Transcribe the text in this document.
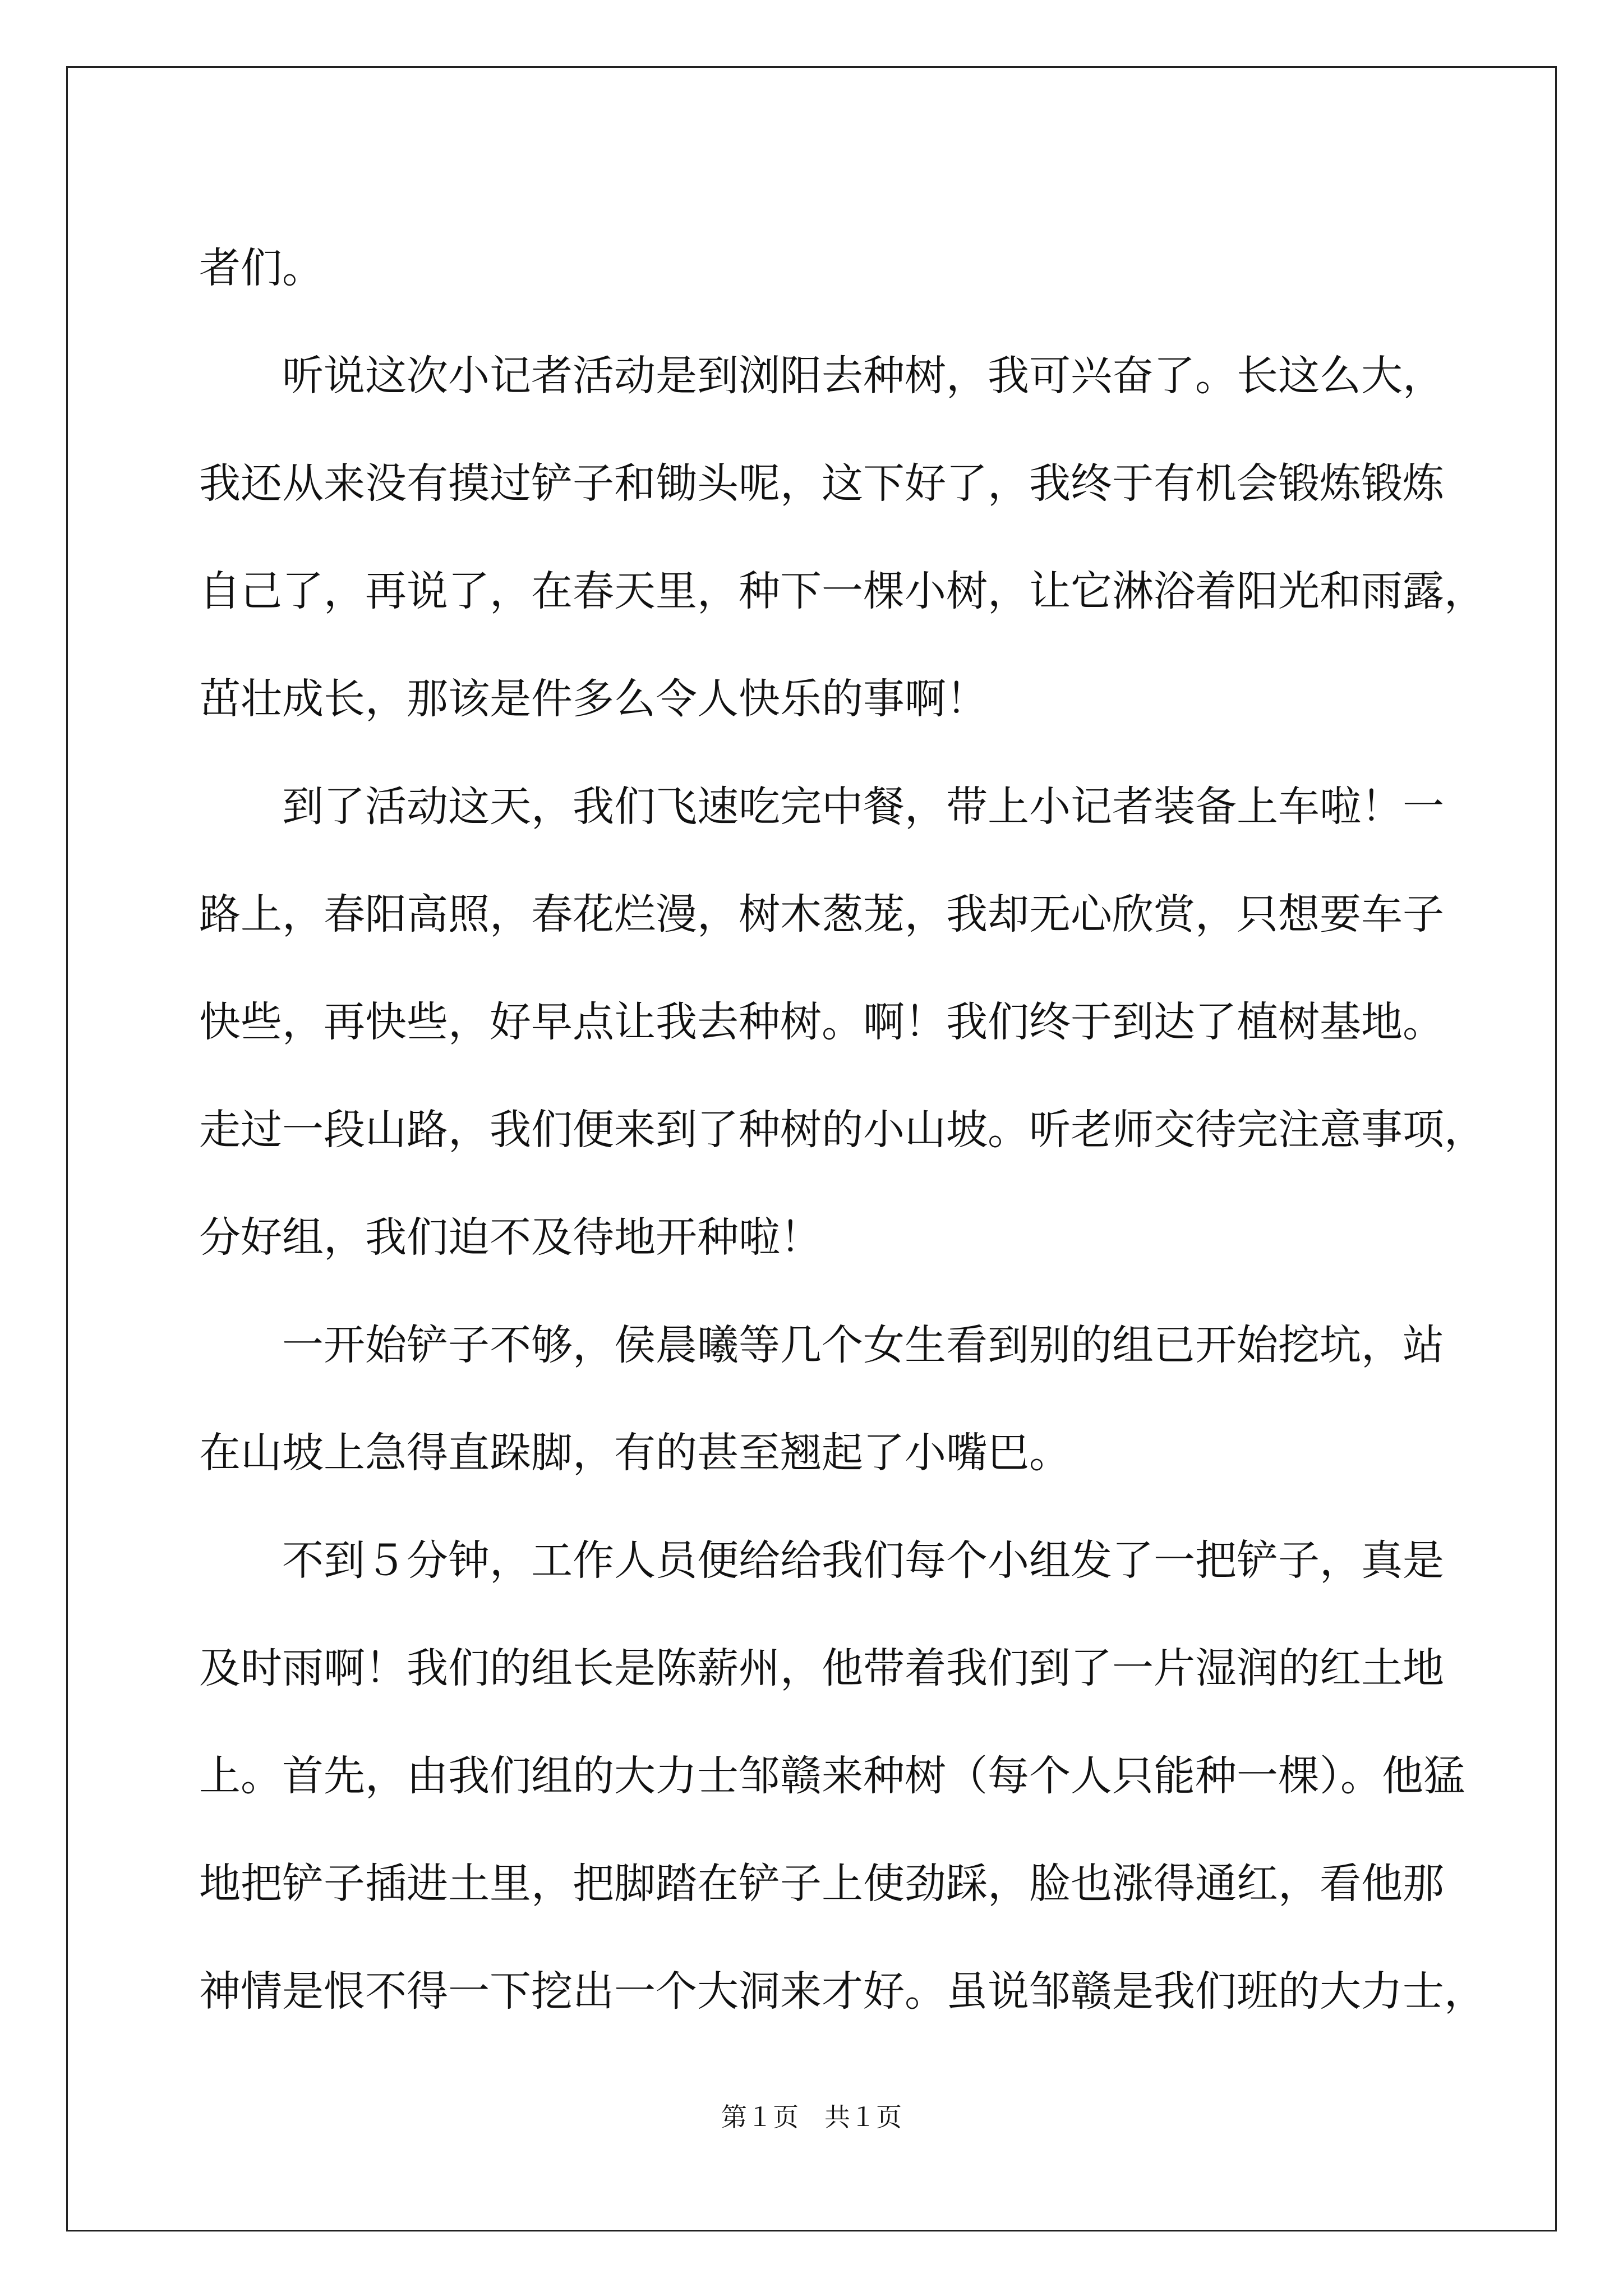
者们。
听说这次小记者活动是到浏阳去种树，我可兴奋了。长这么大，
我还从来没有摸过铲子和锄头呢，这下好了，我终于有机会锻炼锻炼
自己了，再说了，在春天里，种下一棵小树，让它淋浴着阳光和雨露，
茁壮成长，那该是件多么令人快乐的事啊！
到了活动这天，我们飞速吃完中餐，带上小记者装备上车啦！一
路上，春阳高照，春花烂漫，树木葱茏，我却无心欣赏，只想要车子
快些，再快些，好早点让我去种树。啊！我们终于到达了植树基地。
走过一段山路，我们便来到了种树的小山坡。听老师交待完注意事项，
分好组，我们迫不及待地开种啦！
一开始铲子不够，侯晨曦等几个女生看到别的组已开始挖坑，站
在山坡上急得直跺脚，有的甚至翘起了小嘴巴。
不到５分钟，工作人员便给给我们每个小组发了一把铲子，真是
及时雨啊！我们的组长是陈薪州，他带着我们到了一片湿润的红土地
上。首先，由我们组的大力士邹赣来种树（每个人只能种一棵）。他猛
地把铲子插进土里，把脚踏在铲子上使劲踩，脸也涨得通红，看他那
神情是恨不得一下挖出一个大洞来才好。虽说邹赣是我们班的大力士，
第１页　共１页
